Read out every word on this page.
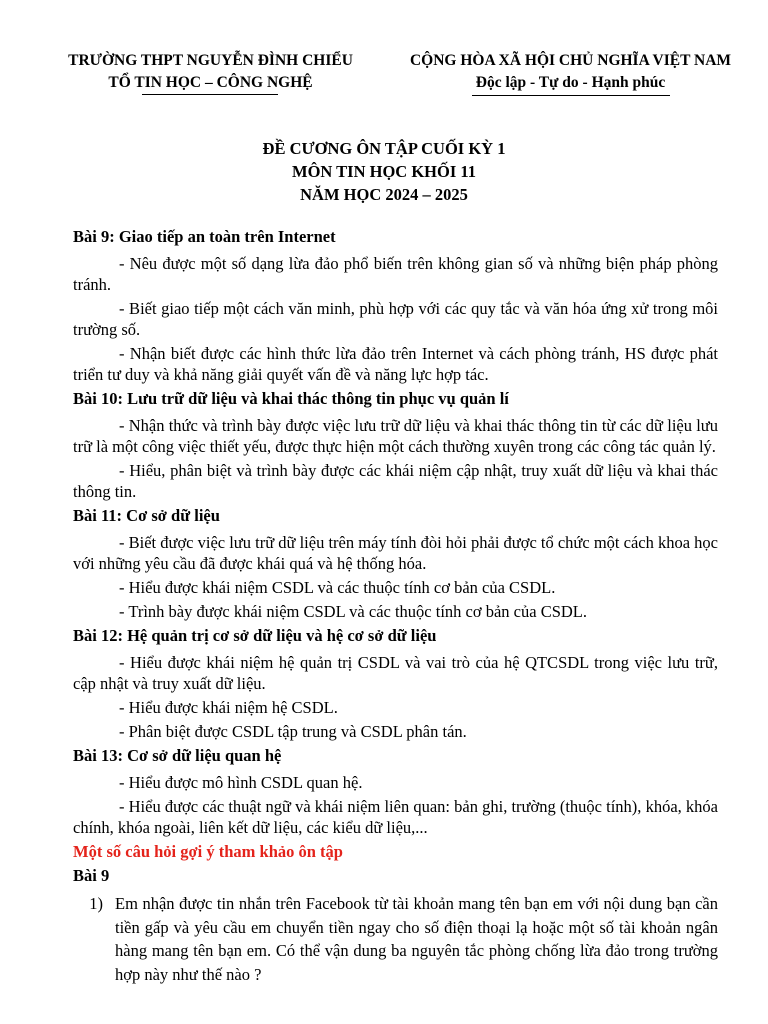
TRƯỜNG THPT NGUYỄN ĐÌNH CHIỂU
TỔ TIN HỌC – CÔNG NGHỆ
CỘNG HÒA XÃ HỘI CHỦ NGHĨA VIỆT NAM
Độc lập - Tự do - Hạnh phúc
ĐỀ CƯƠNG ÔN TẬP CUỐI KỲ 1
MÔN TIN HỌC KHỐI 11
NĂM HỌC 2024 – 2025

Bài 9: Giao tiếp an toàn trên Internet

- Nêu được một số dạng lừa đảo phổ biến trên không gian số và những biện pháp phòng tránh.

- Biết giao tiếp một cách văn minh, phù hợp với các quy tắc và văn hóa ứng xử trong môi trường số.

- Nhận biết được các hình thức lừa đảo trên Internet và cách phòng tránh, HS được phát triển tư duy và khả năng giải quyết vấn đề và năng lực hợp tác.

Bài 10: Lưu trữ dữ liệu và khai thác thông tin phục vụ quản lí

- Nhận thức và trình bày được việc lưu trữ dữ liệu và khai thác thông tin từ các dữ liệu lưu trữ là một công việc thiết yếu, được thực hiện một cách thường xuyên trong các công tác quản lý.

- Hiểu, phân biệt và trình bày được các khái niệm cập nhật, truy xuất dữ liệu và khai thác thông tin.

Bài 11: Cơ sở dữ liệu

- Biết được việc lưu trữ dữ liệu trên máy tính đòi hỏi phải được tổ chức một cách khoa học với những yêu cầu đã được khái quá và hệ thống hóa.

- Hiểu được khái niệm CSDL và các thuộc tính cơ bản của CSDL.

- Trình bày được khái niệm CSDL và các thuộc tính cơ bản của CSDL.

Bài 12: Hệ quản trị cơ sở dữ liệu và hệ cơ sở dữ liệu

- Hiểu được khái niệm hệ quản trị CSDL và vai trò của hệ QTCSDL trong việc lưu trữ, cập nhật và truy xuất dữ liệu.

- Hiểu được khái niệm hệ CSDL.

- Phân biệt được CSDL tập trung và CSDL phân tán.

Bài 13: Cơ sở dữ liệu quan hệ

- Hiểu được mô hình CSDL quan hệ.

- Hiểu được các thuật ngữ và khái niệm liên quan: bản ghi, trường (thuộc tính), khóa, khóa chính, khóa ngoài, liên kết dữ liệu, các kiểu dữ liệu,...

Một số câu hỏi gợi ý tham khảo ôn tập

Bài 9

1) Em nhận được tin nhắn trên Facebook từ tài khoản mang tên bạn em với nội dung bạn cần tiền gấp và yêu cầu em chuyển tiền ngay cho số điện thoại lạ hoặc một số tài khoản ngân hàng mang tên bạn em. Có thể vận dung ba nguyên tắc phòng chống lừa đảo trong trường hợp này như thế nào ?
